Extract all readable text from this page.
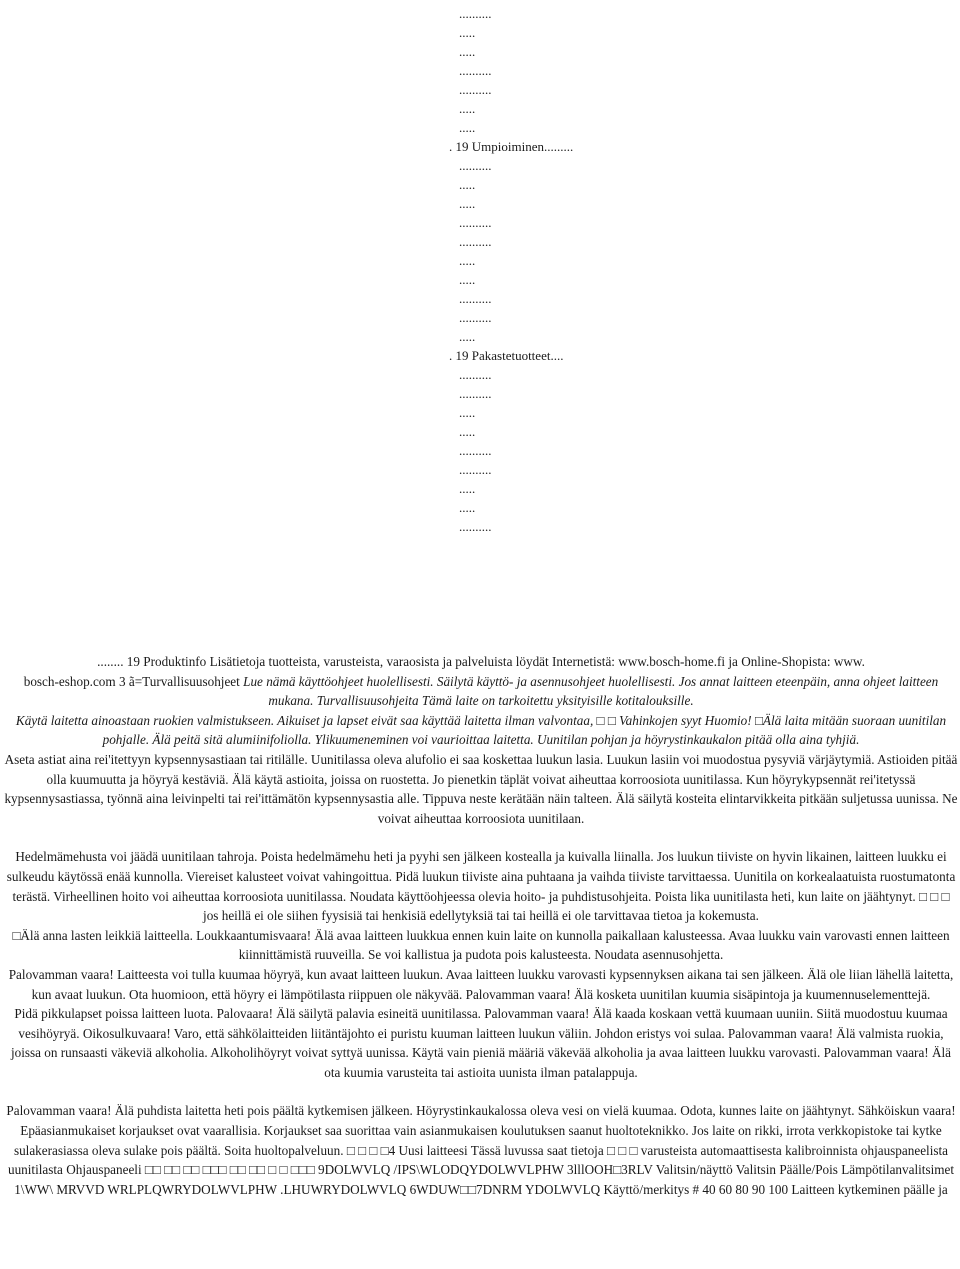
..........
.....
.....
..........
..........
.....
.....
. 19 Umpioiminen.........
..........
.....
.....
..........
..........
.....
.....
..........
..........
.....
. 19 Pakastetuotteet....
..........
..........
.....
.....
..........
..........
.....
.....
..........

........ 19 Produktinfo Lisätietoja tuotteista, varusteista, varaosista ja palveluista löydät Internetistä: www.bosch-home.fi ja Online-Shopista: www.

bosch-eshop.com 3 ã=Turvallisuusohjeet Lue nämä käyttöohjeet huolellisesti. Säilytä käyttö- ja asennusohjeet huolellisesti. Jos annat laitteen eteenpäin, anna ohjeet laitteen mukana. Turvallisuusohjeita Tämä laite on tarkoitettu yksityisille kotitalouksille.

Käytä laitetta ainoastaan ruokien valmistukseen. Aikuiset ja lapset eivät saa käyttää laitetta ilman valvontaa, □ □ Vahinkojen syyt Huomio! □Älä laita mitään suoraan uunitilan pohjalle. Älä peitä sitä alumiinifoliolla. Ylikuumeneminen voi vaurioittaa laitetta. Uunitilan pohjan ja höyrystinkaukalon pitää olla aina tyhjiä.

Aseta astiat aina rei'itettyyn kypsennysastiaan tai ritilälle. Uunitilassa oleva alufolio ei saa koskettaa luukun lasia. Luukun lasiin voi muodostua pysyviä värjäytymiä. Astioiden pitää olla kuumuutta ja höyryä kestäviä. Älä käytä astioita, joissa on ruostetta. Jo pienetkin täplät voivat aiheuttaa korroosiota uunitilassa. Kun höyrykypsennät rei'itetyssä kypsennysastiassa, työnnä aina leivinpelti tai rei'ittämätön kypsennysastia alle. Tippuva neste kerätään näin talteen. Älä säilytä kosteita elintarvikkeita pitkään suljetussa uunissa. Ne voivat aiheuttaa korroosiota uunitilaan.

Hedelmämehusta voi jäädä uunitilaan tahroja. Poista hedelmämehu heti ja pyyhi sen jälkeen kostealla ja kuivalla liinalla. Jos luukun tiiviste on hyvin likainen, laitteen luukku ei sulkeudu käytössä enää kunnolla. Viereiset kalusteet voivat vahingoittua. Pidä luukun tiiviste aina puhtaana ja vaihda tiiviste tarvittaessa. Uunitila on korkealaatuista ruostumatonta terästä. Virheellinen hoito voi aiheuttaa korroosiota uunitilassa. Noudata käyttöohjeessa olevia hoito- ja puhdistusohjeita. Poista lika uunitilasta heti, kun laite on jäähtynyt. □ □ □ jos heillä ei ole siihen fyysisiä tai henkisiä edellytyksiä tai tai heillä ei ole tarvittavaa tietoa ja kokemusta.

□Älä anna lasten leikkiä laitteella. Loukkaantumisvaara! Älä avaa laitteen luukkua ennen kuin laite on kunnolla paikallaan kalusteessa. Avaa luukku vain varovasti ennen laitteen kiinnittämistä ruuveilla. Se voi kallistua ja pudota pois kalusteesta. Noudata asennusohjetta.

Palovamman vaara! Laitteesta voi tulla kuumaa höyryä, kun avaat laitteen luukun. Avaa laitteen luukku varovasti kypsennyksen aikana tai sen jälkeen. Älä ole liian lähellä laitetta, kun avaat luukun. Ota huomioon, että höyry ei lämpötilasta riippuen ole näkyvää. Palovamman vaara! Älä kosketa uunitilan kuumia sisäpintoja ja kuumennuselementtejä.

Pidä pikkulapset poissa laitteen luota. Palovaara! Älä säilytä palavia esineitä uunitilassa. Palovamman vaara! Älä kaada koskaan vettä kuumaan uuniin. Siitä muodostuu kuumaa vesihöyryä. Oikosulkuvaara! Varo, että sähkölaitteiden liitäntäjohto ei puristu kuuman laitteen luukun väliin. Johdon eristys voi sulaa. Palovamman vaara! Älä valmista ruokia, joissa on runsaasti väkeviä alkoholia. Alkoholihöyryt voivat syttyä uunissa. Käytä vain pieniä määriä väkevää alkoholia ja avaa laitteen luukku varovasti. Palovamman vaara! Älä ota kuumia varusteita tai astioita uunista ilman patalappuja.

Palovamman vaara! Älä puhdista laitetta heti pois päältä kytkemisen jälkeen. Höyrystinkaukalossa oleva vesi on vielä kuumaa. Odota, kunnes laite on jäähtynyt. Sähköiskun vaara! Epäasianmukaiset korjaukset ovat vaarallisia. Korjaukset saa suorittaa vain asianmukaisen koulutuksen saanut huoltoteknikko. Jos laite on rikki, irrota verkkopistoke tai kytke sulakerasiassa oleva sulake pois päältä. Soita huoltopalveluun. □ □ □ □4 Uusi laitteesi Tässä luvussa saat tietoja □ □ □ varusteista automaattisesta kalibroinnista ohjauspaneelista uunitilasta Ohjauspaneeli □□ □□ □□ □□□ □□ □□ □ □ □□□ 9DOLWVLQ /IPS\WLODQYDOLWVLPHW 3lllOOH□3RLV Valitsin/näyttö Valitsin Päälle/Pois Lämpötilanvalitsimet 1\WW\ MRVVD WRLPLQWRYDOLWVLPHW .LHUWRYDOLWVLQ 6WDUW□□7DNRM YDOLWVLQ Käyttö/merkitys # 40 60 80 90 100 Laitteen kytkeminen päälle ja
